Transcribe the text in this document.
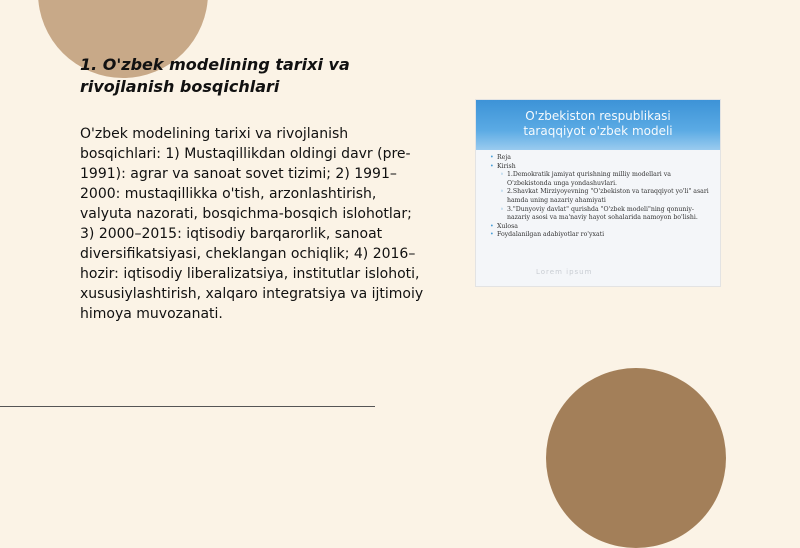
1. O'zbek modelining tarixi va
rivojlanish bosqichlari

O'zbek modelining tarixi va rivojlanish bosqichlari: 1) Mustaqillikdan oldingi davr (pre-1991): agrar va sanoat sovet tizimi; 2) 1991–2000: mustaqillikka o'tish, arzonlashtirish, valyuta nazorati, bosqichma-bosqich islohotlar; 3) 2000–2015: iqtisodiy barqarorlik, sanoat diversifikatsiyasi, cheklangan ochiqlik; 4) 2016–hozir: iqtisodiy liberalizatsiya, institutlar islohoti, xususiylashtirish, xalqaro integratsiya va ijtimoiy himoya muvozanati.

O'zbekiston respublikasi
taraqqiyot o'zbek modeli
• Reja
• Kirish
◦ 1.Demokratik jamiyat qurishning milliy modellari va O'zbekistonda unga yondashuvlari.
◦ 2.Shavkat Mirziyoyevning "O'zbekiston va taraqqiyot yo'li" asari hamda uning nazariy ahamiyati
◦ 3."Dunyoviy davlat" qurishda "O'zbek modeli"ning qonuniy-nazariy asosi va ma'naviy hayot sohalarida namoyon bo'lishi.
• Xulosa
• Foydalanilgan adabiyotlar ro'yxati
Lorem ipsum
